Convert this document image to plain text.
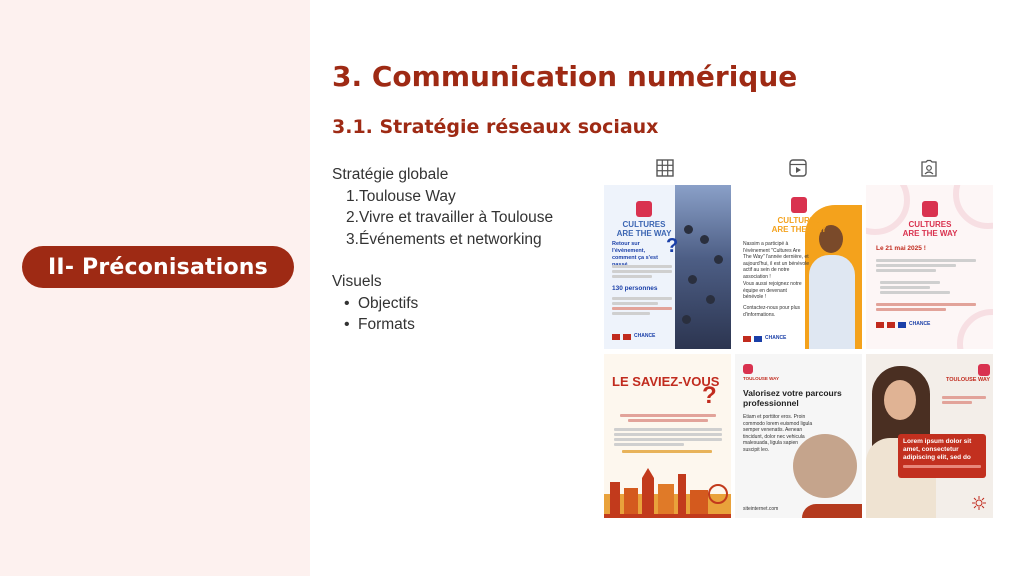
II- Préconisations
3. Communication numérique
3.1. Stratégie réseaux sociaux
Stratégie globale
1.Toulouse Way
2.Vivre et travailler à Toulouse
3.Événements et networking
Visuels
• Objectifs
• Formats
CULTURES ARE THE WAY
Retour sur l'évènement, comment ça s'est
?
130 personnes
CHANCE
CULTURES ARE THE WAY
Nassim a participé à l'évènement "Cultures Are The Way" l'année dernière, et aujourd'hui, il est un bénévole actif au sein de notre association !
Vous aussi rejoignez notre équipe en devenant bénévole !
Contactez-nous pour plus d'informations.
CHANCE
CULTURES ARE THE WAY
Le 21 mai 2025 !
CHANCE
LE SAVIEZ-VOUS
?
TOULOUSE WAY
Valorisez votre parcours professionnel
Etiam et porttitor eros. Proin commodo lorem euismod ligula semper venenatis. Aenean tincidunt, dolor nec vehicula malesuada, ligula sapien suscipit leo.
siteinternet.com
TOULOUSE WAY
Lorem ipsum dolor sit amet, consectetur adipiscing elit, sed do
